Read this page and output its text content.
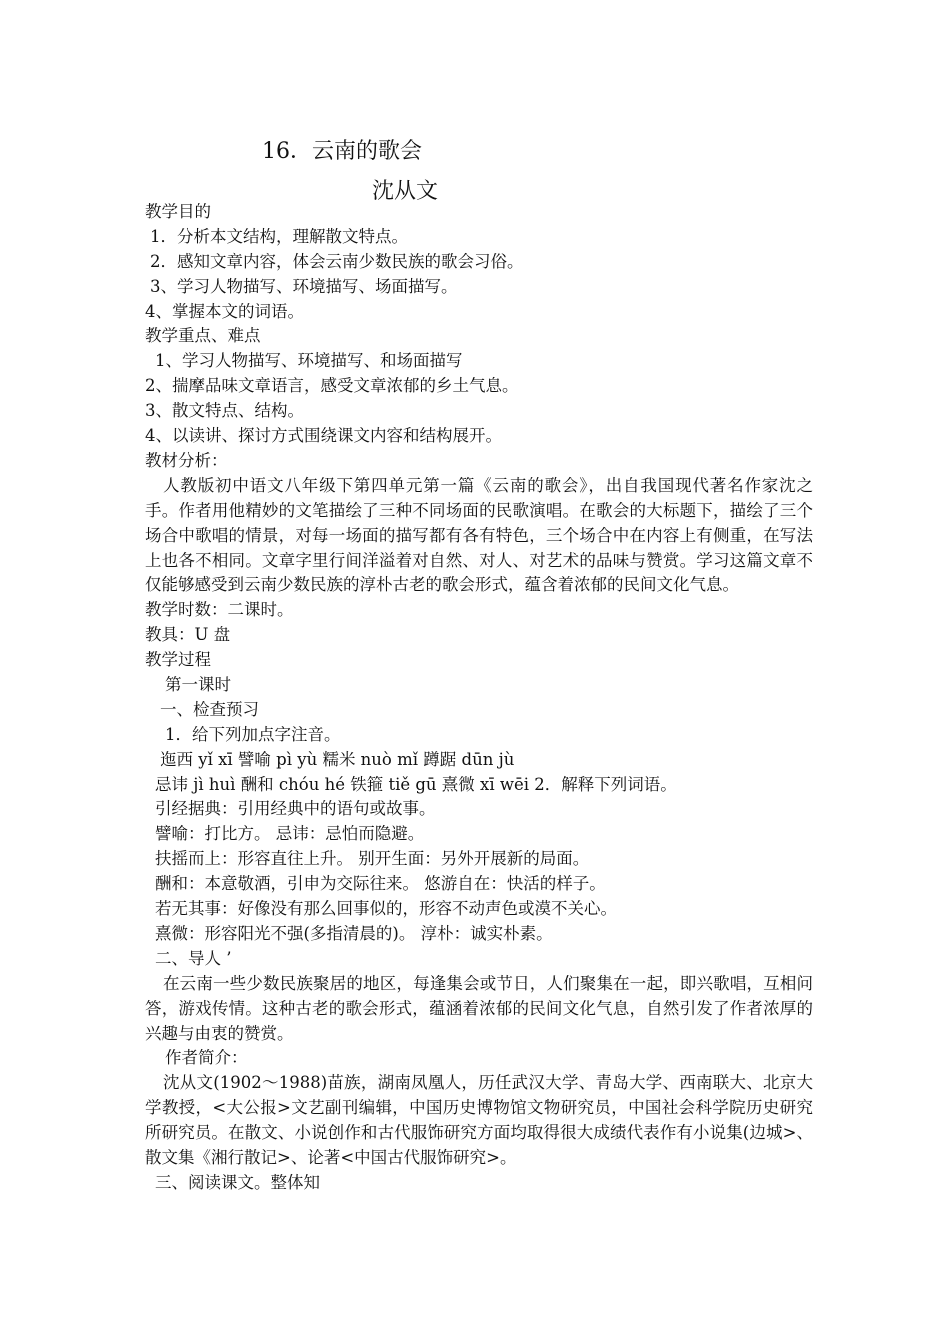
16．云南的歌会
沈从文
教学目的
1．分析本文结构，理解散文特点。
2．感知文章内容，体会云南少数民族的歌会习俗。
3、学习人物描写、环境描写、场面描写。
4、掌握本文的词语。
教学重点、难点
1、学习人物描写、环境描写、和场面描写
2、揣摩品味文章语言，感受文章浓郁的乡土气息。
3、散文特点、结构。
4、以读讲、探讨方式围绕课文内容和结构展开。
教材分析：
人教版初中语文八年级下第四单元第一篇《云南的歌会》，出自我国现代著名作家沈之手。作者用他精妙的文笔描绘了三种不同场面的民歌演唱。在歌会的大标题下，描绘了三个场合中歌唱的情景，对每一场面的描写都有各有特色，三个场合中在内容上有侧重，在写法上也各不相同。文章字里行间洋溢着对自然、对人、对艺术的品味与赞赏。学习这篇文章不仅能够感受到云南少数民族的淳朴古老的歌会形式，蕴含着浓郁的民间文化气息。
教学时数：二课时。
教具：U 盘
教学过程
第一课时
一、检查预习
1．给下列加点字注音。
迤西 yǐ xī 譬喻 pì yù 糯米 nuò mǐ 蹲踞 dūn jù
忌讳 jì huì 酬和 chóu hé 铁箍 tiě gū 熹微 xī wēi 2．解释下列词语。
引经据典：引用经典中的语句或故事。
譬喻：打比方。 忌讳：忌怕而隐避。
扶摇而上：形容直往上升。 别开生面：另外开展新的局面。
酬和：本意敬酒，引申为交际往来。 悠游自在：快活的样子。
若无其事：好像没有那么回事似的，形容不动声色或漠不关心。
熹微：形容阳光不强(多指清晨的)。 淳朴：诚实朴素。
二、导人 ’
在云南一些少数民族聚居的地区，每逢集会或节日，人们聚集在一起，即兴歌唱，互相问答，游戏传情。这种古老的歌会形式，蕴涵着浓郁的民间文化气息，自然引发了作者浓厚的兴趣与由衷的赞赏。
作者简介：
沈从文(1902～1988)苗族，湖南凤凰人，历任武汉大学、青岛大学、西南联大、北京大学教授，<大公报>文艺副刊编辑，中国历史博物馆文物研究员，中国社会科学院历史研究所研究员。在散文、小说创作和古代服饰研究方面均取得很大成绩代表作有小说集(边城>、散文集《湘行散记>、论著<中国古代服饰研究>。
三、阅读课文。整体知
